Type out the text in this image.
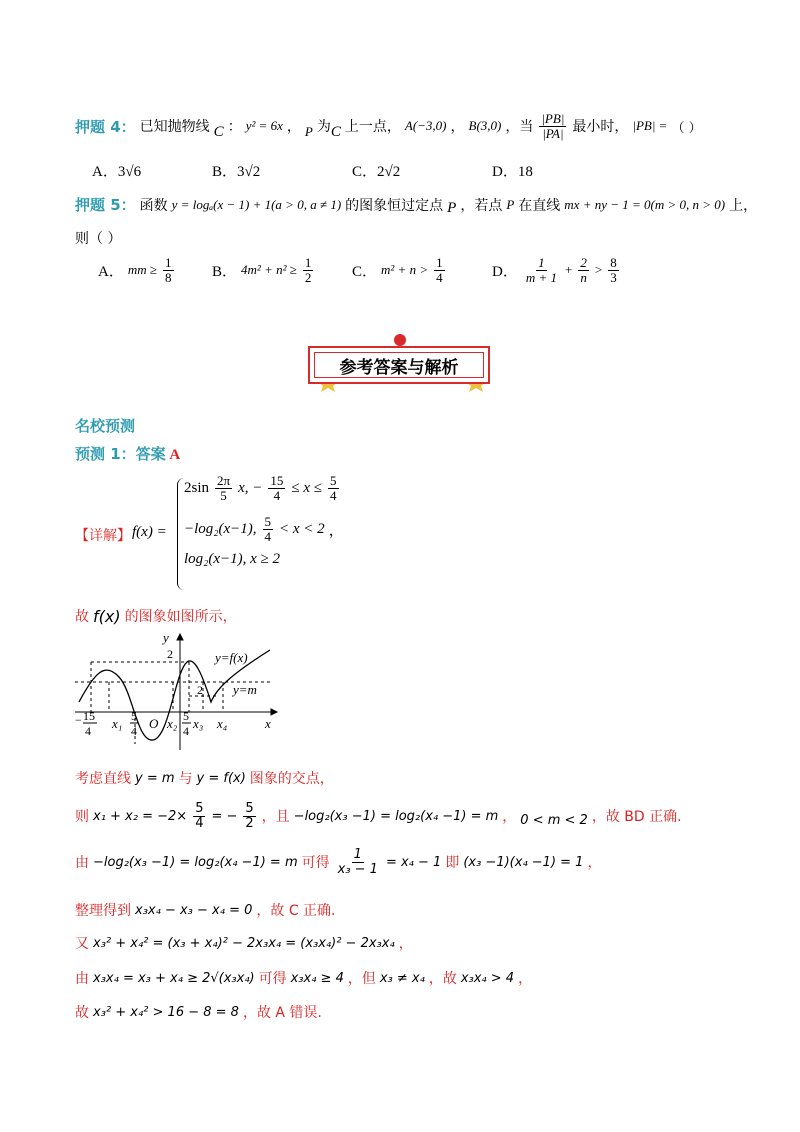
押题 4： 已知抛物线 C ： y² = 6x ， P 为 C 上一点， A(−3,0) ， B(3,0) ，当 $\frac{|PB|}{|PA|}$ 最小时， |PB| = （ ）
A．3√6	B．3√2	C．2√2	D．18
押题 5： 函数 y = logₐ(x − 1) + 1(a > 0, a ≠ 1) 的图象恒过定点 P ，若点 P 在直线 mx + ny − 1 = 0(m > 0, n > 0) 上，
则（ ）
A． mm ≥ $\frac{1}{8}$	B． $4m^2 + n^2 \ge \frac{1}{2}$	C． $m^2 + n > \frac{1}{4}$	D． $\frac{1}{m + 1} + \frac{2}{n} > \frac{8}{3}$
参考答案与解析
名校预测
预测 1：答案 A
【详解】 f(x) =
$2\sin \frac{2\pi}{5} x$, − $\frac{15}{4} \le x \le \frac{5}{4}$
−log₂(x−1), $\frac{5}{4} < x < 2$ ，
log₂(x−1), x ≥ 2
故 f(x) 的图象如图所示，
y
x
O
y=f(x)
y=m
x₁	x₂ x₃ x₄
2
2
− 15
4
5
4
5
4
考虑直线 y = m 与 y = f(x) 图象的交点，
则 $x_1 + x_2 = -2\times \frac{5}{4}$ = − $\frac{5}{2}$ ，且 −log₂(x₃ −1) = log₂(x₄ −1) = m ， 0 < m < 2 ，故 BD 正确.
由 −log₂(x₃ −1) = log₂(x₄ −1) = m 可得 $\frac{1}{\text{x₃ − 1}} = x_4 - 1$ 即 (x₃ −1)(x₄ −1) = 1 ，
整理得到 x₃x₄ − x₃ − x₄ = 0 ，故 C 正确.
又 x₃² + x₄² = (x₃ + x₄)² − 2x₃x₄ = (x₃x₄)² − 2x₃x₄ ，
由 x₃x₄ = x₃ + x₄ ≥ 2√(x₃x₄) 可得 x₃x₄ ≥ 4 ，但 x₃ ≠ x₄ ，故 x₃x₄ > 4 ，
故 x₃² + x₄² > 16 − 8 = 8 ，故 A 错误.
